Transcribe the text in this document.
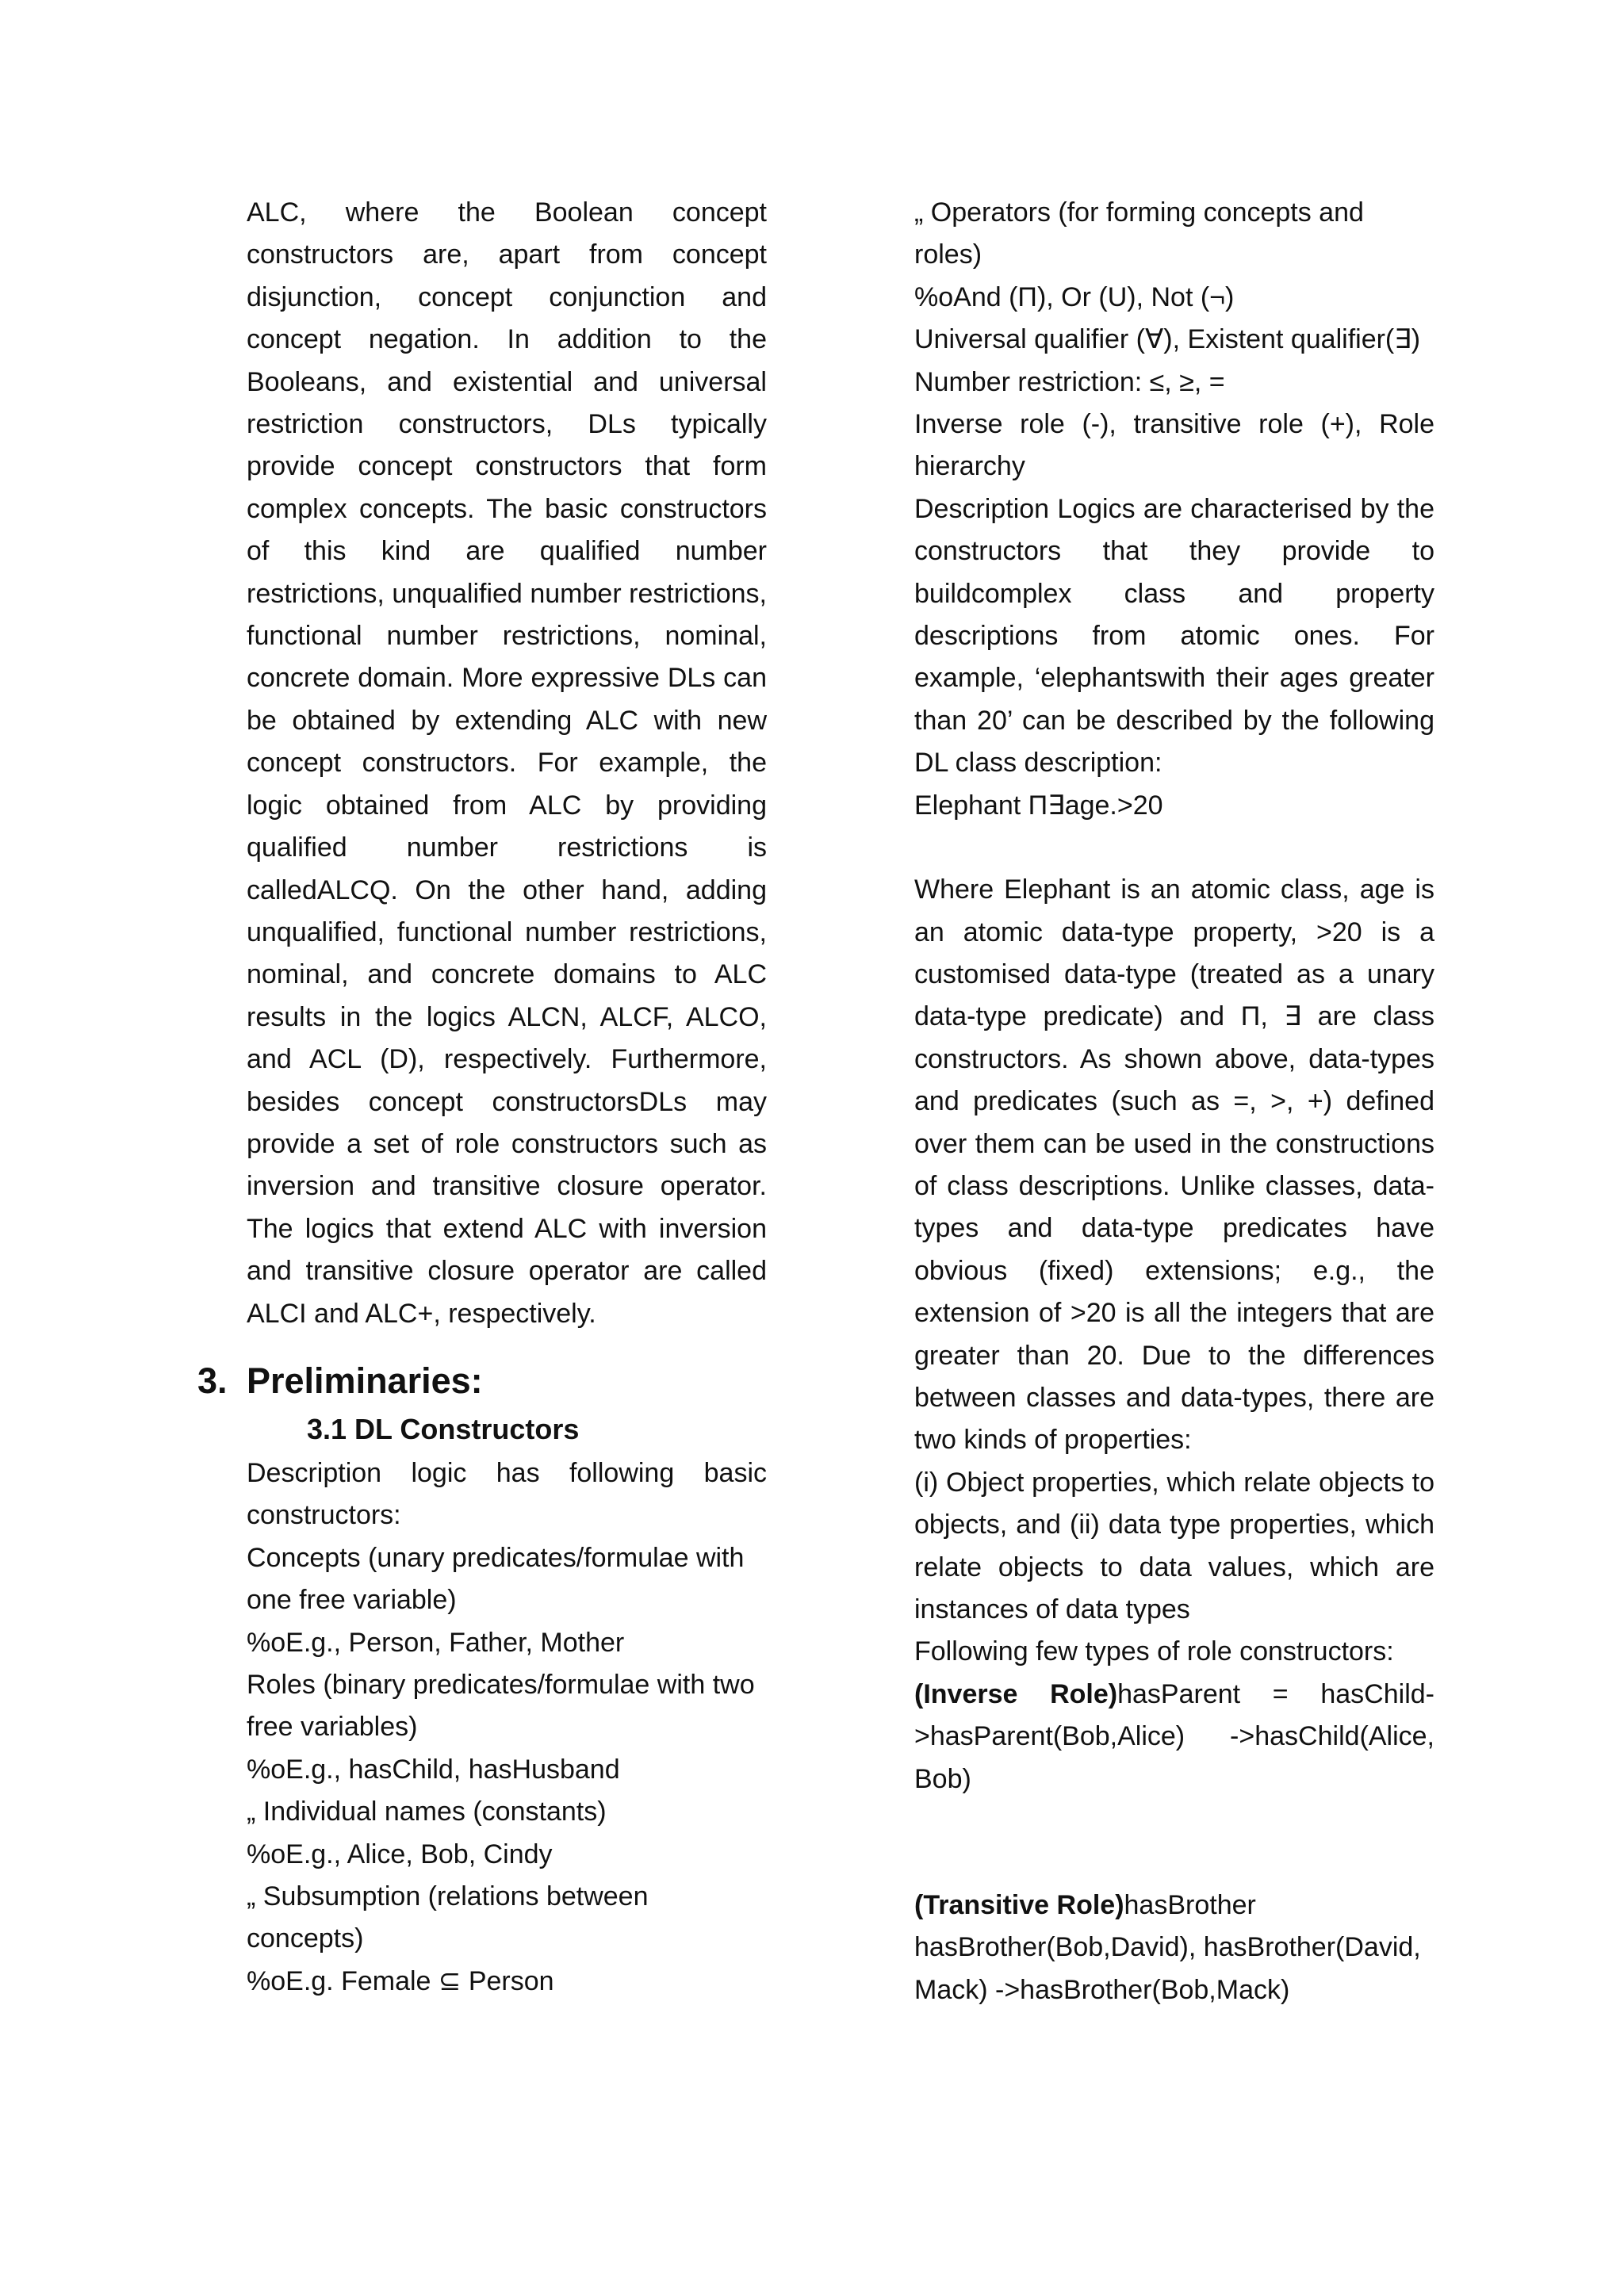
ALC, where the Boolean concept constructors are, apart from concept disjunction, concept conjunction and concept negation. In addition to the Booleans, and existential and universal restriction constructors, DLs typically provide concept constructors that form complex concepts. The basic constructors of this kind are qualified number restrictions, unqualified number restrictions, functional number restrictions, nominal, concrete domain. More expressive DLs can be obtained by extending ALC with new concept constructors. For example, the logic obtained from ALC by providing qualified number restrictions is calledALCQ. On the other hand, adding unqualified, functional number restrictions, nominal, and concrete domains to ALC results in the logics ALCN, ALCF, ALCO, and ACL (D), respectively. Furthermore, besides concept constructorsDLs may provide a set of role constructors such as inversion and transitive closure operator. The logics that extend ALC with inversion and transitive closure operator are called ALCI and ALC+, respectively.

3. Preliminaries:
3.1 DL Constructors

Description logic has following basic constructors:

Concepts (unary predicates/formulae with one free variable)

%oE.g., Person, Father, Mother

Roles (binary predicates/formulae with two free variables)

%oE.g., hasChild, hasHusband

„ Individual names (constants)

%oE.g., Alice, Bob, Cindy

„ Subsumption (relations between concepts)

%oE.g. Female ⊆ Person

„ Operators (for forming concepts and roles)

%oAnd (Π), Or (U), Not (¬)

Universal qualifier (∀), Existent qualifier(∃)

Number restriction: ≤, ≥, =

Inverse role (-), transitive role (+), Role hierarchy

Description Logics are characterised by the constructors that they provide to buildcomplex class and property descriptions from atomic ones. For example, ‘elephantswith their ages greater than 20’ can be described by the following DL class description:

Elephant Π∃age.>20

Where Elephant is an atomic class, age is an atomic data-type property, >20 is a customised data-type (treated as a unary data-type predicate) and Π, ∃ are class constructors. As shown above, data-types and predicates (such as =, >, +) defined over them can be used in the constructions of class descriptions. Unlike classes, data-types and data-type predicates have obvious (fixed) extensions; e.g., the extension of >20 is all the integers that are greater than 20. Due to the differences between classes and data-types, there are two kinds of properties:

(i) Object properties, which relate objects to objects, and (ii) data type properties, which relate objects to data values, which are instances of data types

Following few types of role constructors:

(Inverse Role)hasParent = hasChild->hasParent(Bob,Alice) ->hasChild(Alice, Bob)

(Transitive Role)hasBrother

hasBrother(Bob,David), hasBrother(David, Mack) ->hasBrother(Bob,Mack)
